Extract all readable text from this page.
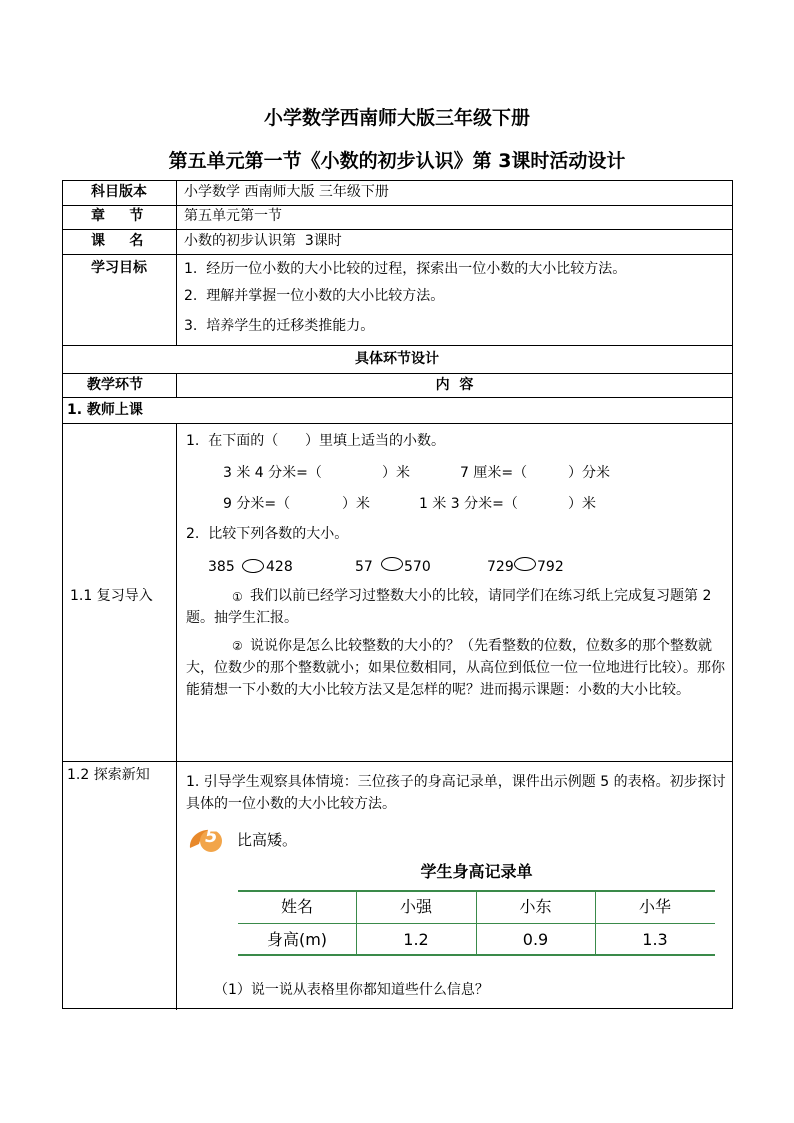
小学数学西南师大版三年级下册
第五单元第一节《小数的初步认识》第 3课时活动设计
科目版本	小学数学 西南师大版 三年级下册
章     节	第五单元第一节
课     名	小数的初步认识第  3课时
学习目标	1.  经历一位小数的大小比较的过程，探索出一位小数的大小比较方法。
2.  理解并掌握一位小数的大小比较方法。
3.  培养学生的迁移类推能力。
具体环节设计
教学环节	内  容
1. 教师上课
1.1 复习导入
1.  在下面的（      ）里填上适当的小数。
3 米 4 分米=（	）米	7 厘米=（	）分米
9 分米=（	）米	1 米 3 分米=（	）米
2.  比较下列各数的大小。
385 428	57 570	729 792
① 我们以前已经学习过整数大小的比较，请同学们在练习纸上完成复习题第 2 题。抽学生汇报。
② 说说你是怎么比较整数的大小的？（先看整数的位数，位数多的那个整数就大，位数少的那个整数就小；如果位数相同，从高位到低位一位一位地进行比较）。那你能猜想一下小数的大小比较方法又是怎样的呢？进而揭示课题：小数的大小比较。
1.2 探索新知	1. 引导学生观察具体情境：三位孩子的身高记录单，课件出示例题 5 的表格。初步探讨具体的一位小数的大小比较方法。
5 比高矮。
学生身高记录单
姓名	小强	小东	小华
身高(m)	1.2	0.9	1.3
（1）说一说从表格里你都知道些什么信息？
